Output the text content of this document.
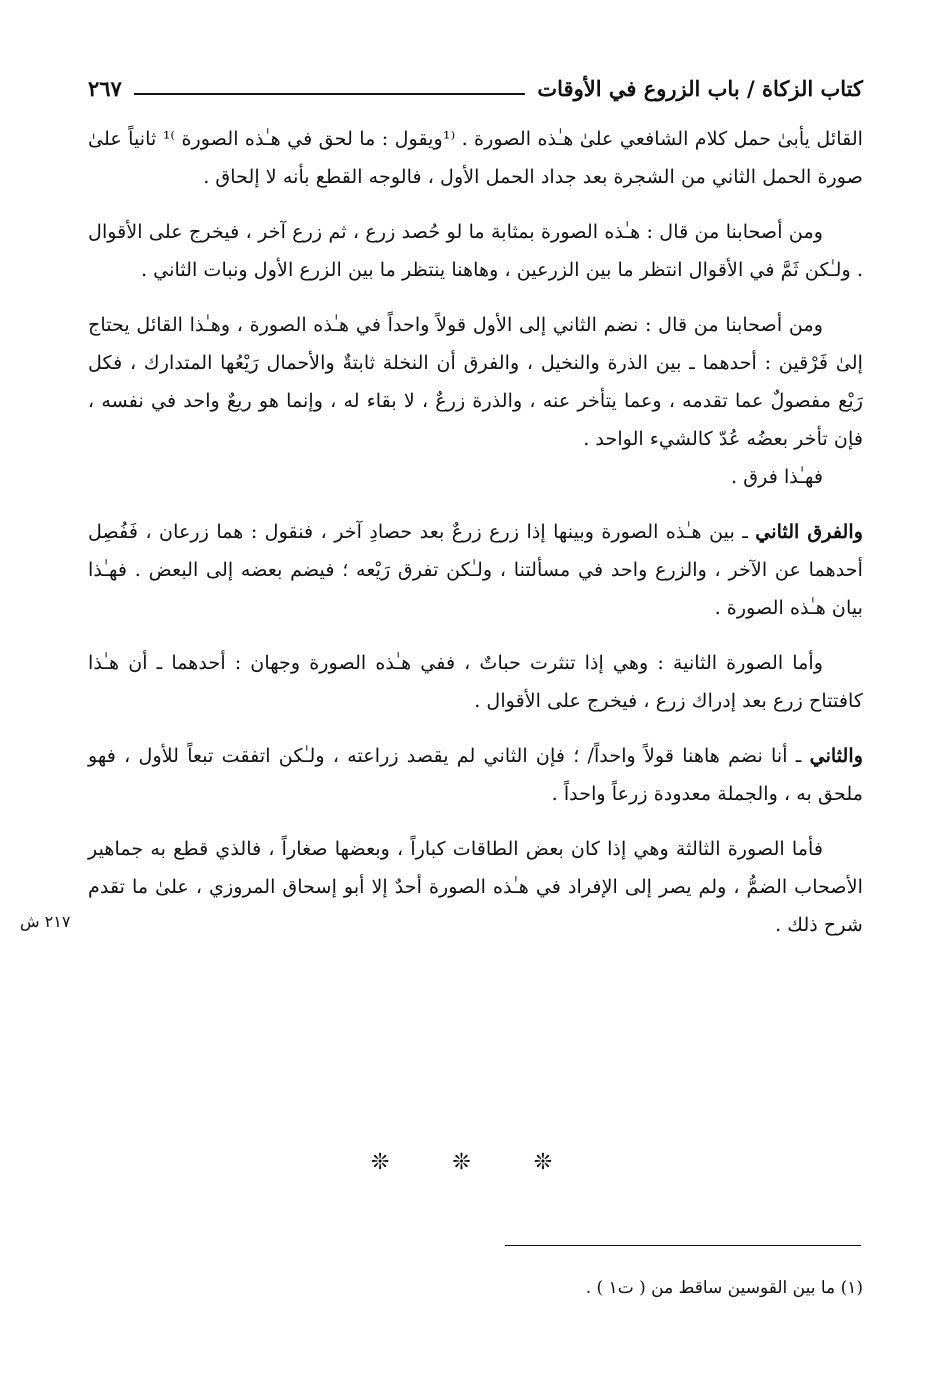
كتاب الزكاة / باب الزروع في الأوقات
٢٦٧

القائل يأبىٰ حمل كلام الشافعي علىٰ هـٰذه الصورة . ⁽¹ويقول : ما لحق في هـٰذه الصورة ⁾¹ ثانياً علىٰ صورة الحمل الثاني من الشجرة بعد جداد الحمل الأول ، فالوجه القطع بأنه لا إلحاق .

ومن أصحابنا من قال : هـٰذه الصورة بمثابة ما لو حُصد زرع ، ثم زرع آخر ، فيخرج على الأقوال . ولـٰكن ثَمَّ في الأقوال انتظر ما بين الزرعين ، وهاهنا ينتظر ما بين الزرع الأول ونبات الثاني .

ومن أصحابنا من قال : نضم الثاني إلى الأول قولاً واحداً في هـٰذه الصورة ، وهـٰذا القائل يحتاج إلىٰ فَرْقين : أحدهما ـ بين الذرة والنخيل ، والفرق أن النخلة ثابتةٌ والأحمال رَيْعُها المتدارك ، فكل رَيْع مفصولٌ عما تقدمه ، وعما يتأخر عنه ، والذرة زرعٌ ، لا بقاء له ، وإنما هو ريعٌ واحد في نفسه ، فإن تأخر بعضُه عُدّ كالشيء الواحد .

فهـٰذا فرق .

والفرق الثاني ـ بين هـٰذه الصورة وبينها إذا زرع زرعٌ بعد حصادِ آخر ، فنقول : هما زرعان ، فَفُصِل أحدهما عن الآخر ، والزرع واحد في مسألتنا ، ولـٰكن تفرق رَيْعه ؛ فيضم بعضه إلى البعض . فهـٰذا بيان هـٰذه الصورة .

وأما الصورة الثانية : وهي إذا تنثرت حباتٌ ، ففي هـٰذه الصورة وجهان : أحدهما ـ أن هـٰذا كافتتاح زرع بعد إدراك زرع ، فيخرج على الأقوال .

والثاني ـ أنا نضم هاهنا قولاً واحداً/ ؛ فإن الثاني لم يقصد زراعته ، ولـٰكن اتفقت تبعاً للأول ، فهو ملحق به ، والجملة معدودة زرعاً واحداً .

فأما الصورة الثالثة وهي إذا كان بعض الطاقات كباراً ، وبعضها صغاراً ، فالذي قطع به جماهير الأصحاب الضمُّ ، ولم يصر إلى الإفراد في هـٰذه الصورة أحدٌ إلا أبو إسحاق المروزي ، علىٰ ما تقدم شرح ذلك .

٢١٧ ش
❊ ❊ ❊
(١) ما بين القوسين ساقط من ( ت١ ) .
